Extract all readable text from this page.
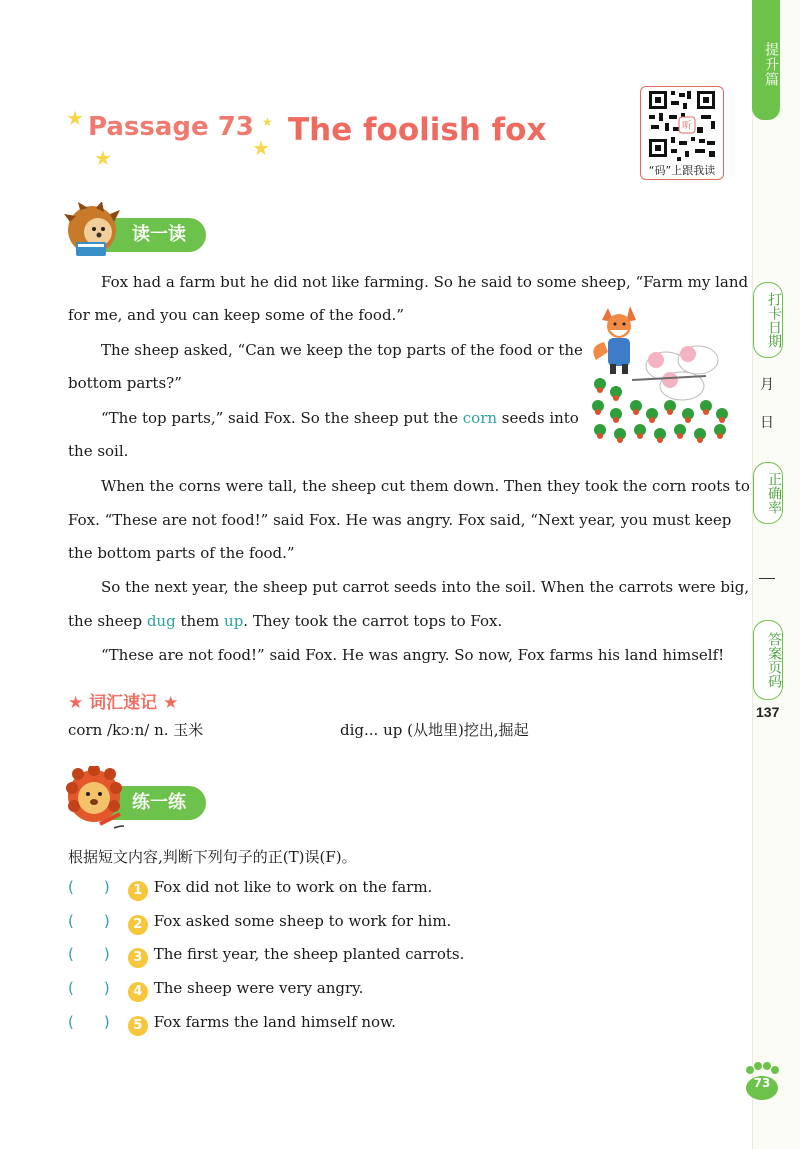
提升篇
打卡日期
月
日
正确率
答案页码
137
★
★	★
★
Passage 73 The foolish fox	听
“码”上跟我读
读一读
Fox had a farm but he did not like farming. So he said to some sheep, “Farm my land
for me, and you can keep some of the food.”
The sheep asked, “Can we keep the top parts of the food or the
bottom parts?”
“The top parts,” said Fox. So the sheep put the corn seeds into
the soil.
When the corns were tall, the sheep cut them down. Then they took the corn roots to
Fox. “These are not food!” said Fox. He was angry. Fox said, “Next year, you must keep
the bottom parts of the food.”
So the next year, the sheep put carrot seeds into the soil. When the carrots were big,
the sheep dug them up. They took the carrot tops to Fox.
“These are not food!” said Fox. He was angry. So now, Fox farms his land himself!
★ 词汇速记 ★
corn /kɔːn/ n. 玉米	dig... up (从地里)挖出,掘起
练一练
根据短文内容,判断下列句子的正(T)误(F)。
(　　) 1 Fox did not like to work on the farm.
(　　) 2 Fox asked some sheep to work for him.
(　　) 3 The first year, the sheep planted carrots.
(　　) 4 The sheep were very angry.
(　　) 5 Fox farms the land himself now.
73
